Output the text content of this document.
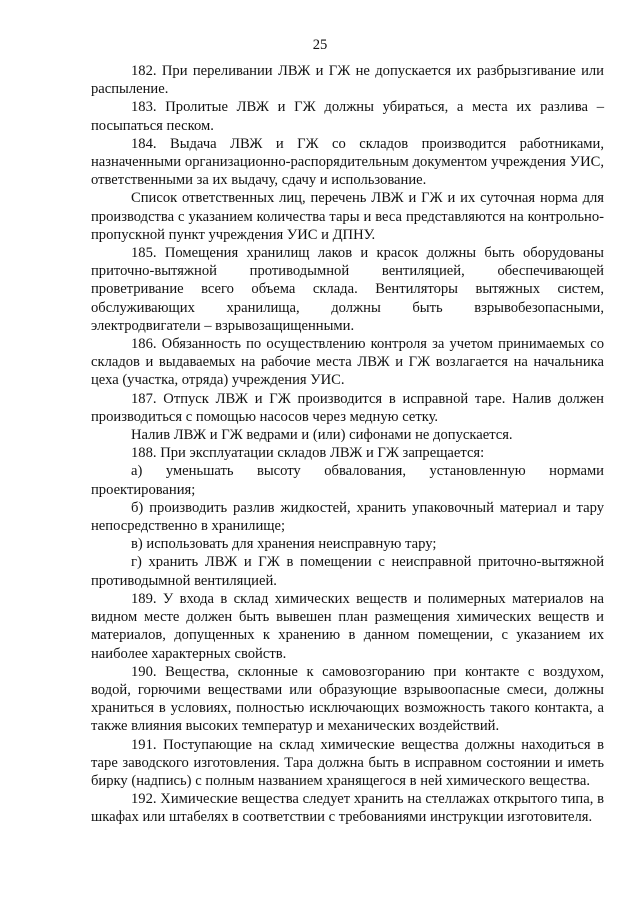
25

182. При переливании ЛВЖ и ГЖ не допускается их разбрызгивание или распыление.

183. Пролитые ЛВЖ и ГЖ должны убираться, а места их разлива – посыпаться песком.

184. Выдача ЛВЖ и ГЖ со складов производится работниками, назначенными организационно-распорядительным документом учреждения УИС, ответственными за их выдачу, сдачу и использование.

Список ответственных лиц, перечень ЛВЖ и ГЖ и их суточная норма для производства с указанием количества тары и веса представляются на контрольно-пропускной пункт учреждения УИС и ДПНУ.

185. Помещения хранилищ лаков и красок должны быть оборудованы приточно-вытяжной противодымной вентиляцией, обеспечивающей проветривание всего объема склада. Вентиляторы вытяжных систем, обслуживающих хранилища, должны быть взрывобезопасными, электродвигатели – взрывозащищенными.

186. Обязанность по осуществлению контроля за учетом принимаемых со складов и выдаваемых на рабочие места ЛВЖ и ГЖ возлагается на начальника цеха (участка, отряда) учреждения УИС.

187. Отпуск ЛВЖ и ГЖ производится в исправной таре. Налив должен производиться с помощью насосов через медную сетку.

Налив ЛВЖ и ГЖ ведрами и (или) сифонами не допускается.

188. При эксплуатации складов ЛВЖ и ГЖ запрещается:

а) уменьшать высоту обвалования, установленную нормами проектирования;

б) производить разлив жидкостей, хранить упаковочный материал и тару непосредственно в хранилище;

в) использовать для хранения неисправную тару;

г) хранить ЛВЖ и ГЖ в помещении с неисправной приточно-вытяжной противодымной вентиляцией.

189. У входа в склад химических веществ и полимерных материалов на видном месте должен быть вывешен план размещения химических веществ и материалов, допущенных к хранению в данном помещении, с указанием их наиболее характерных свойств.

190. Вещества, склонные к самовозгоранию при контакте с воздухом, водой, горючими веществами или образующие взрывоопасные смеси, должны храниться в условиях, полностью исключающих возможность такого контакта, а также влияния высоких температур и механических воздействий.

191. Поступающие на склад химические вещества должны находиться в таре заводского изготовления. Тара должна быть в исправном состоянии и иметь бирку (надпись) с полным названием хранящегося в ней химического вещества.

192. Химические вещества следует хранить на стеллажах открытого типа, в шкафах или штабелях в соответствии с требованиями инструкции изготовителя.
